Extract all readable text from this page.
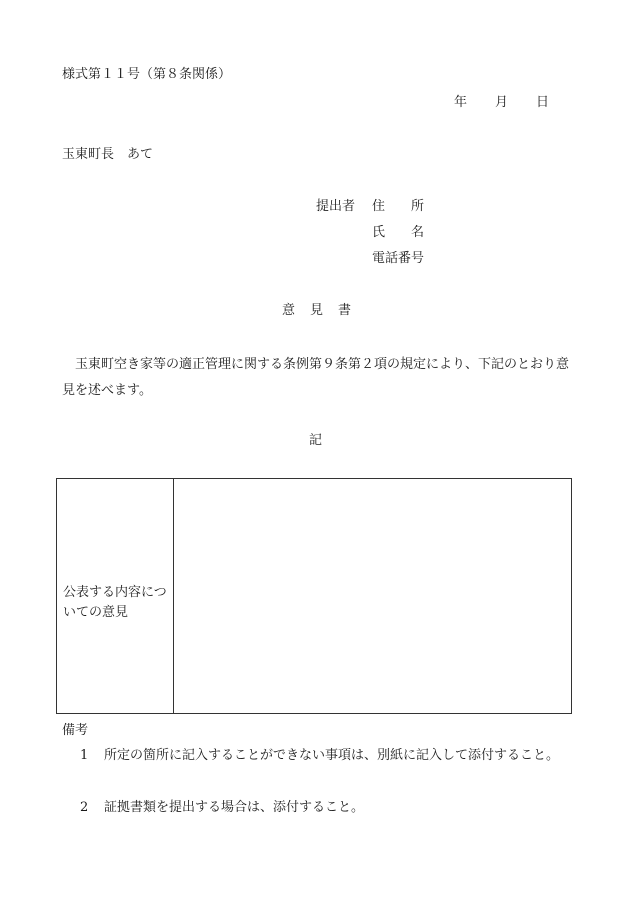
様式第１１号（第８条関係）
年 月 日
玉東町長　あて
提出者 住 所
氏 名
電話番号
意 見 書
玉東町空き家等の適正管理に関する条例第９条第２項の規定により、下記のとおり意見を述べます。
記
公表する内容についての意見
備考
1 所定の箇所に記入することができない事項は、別紙に記入して添付すること。
2 証拠書類を提出する場合は、添付すること。
